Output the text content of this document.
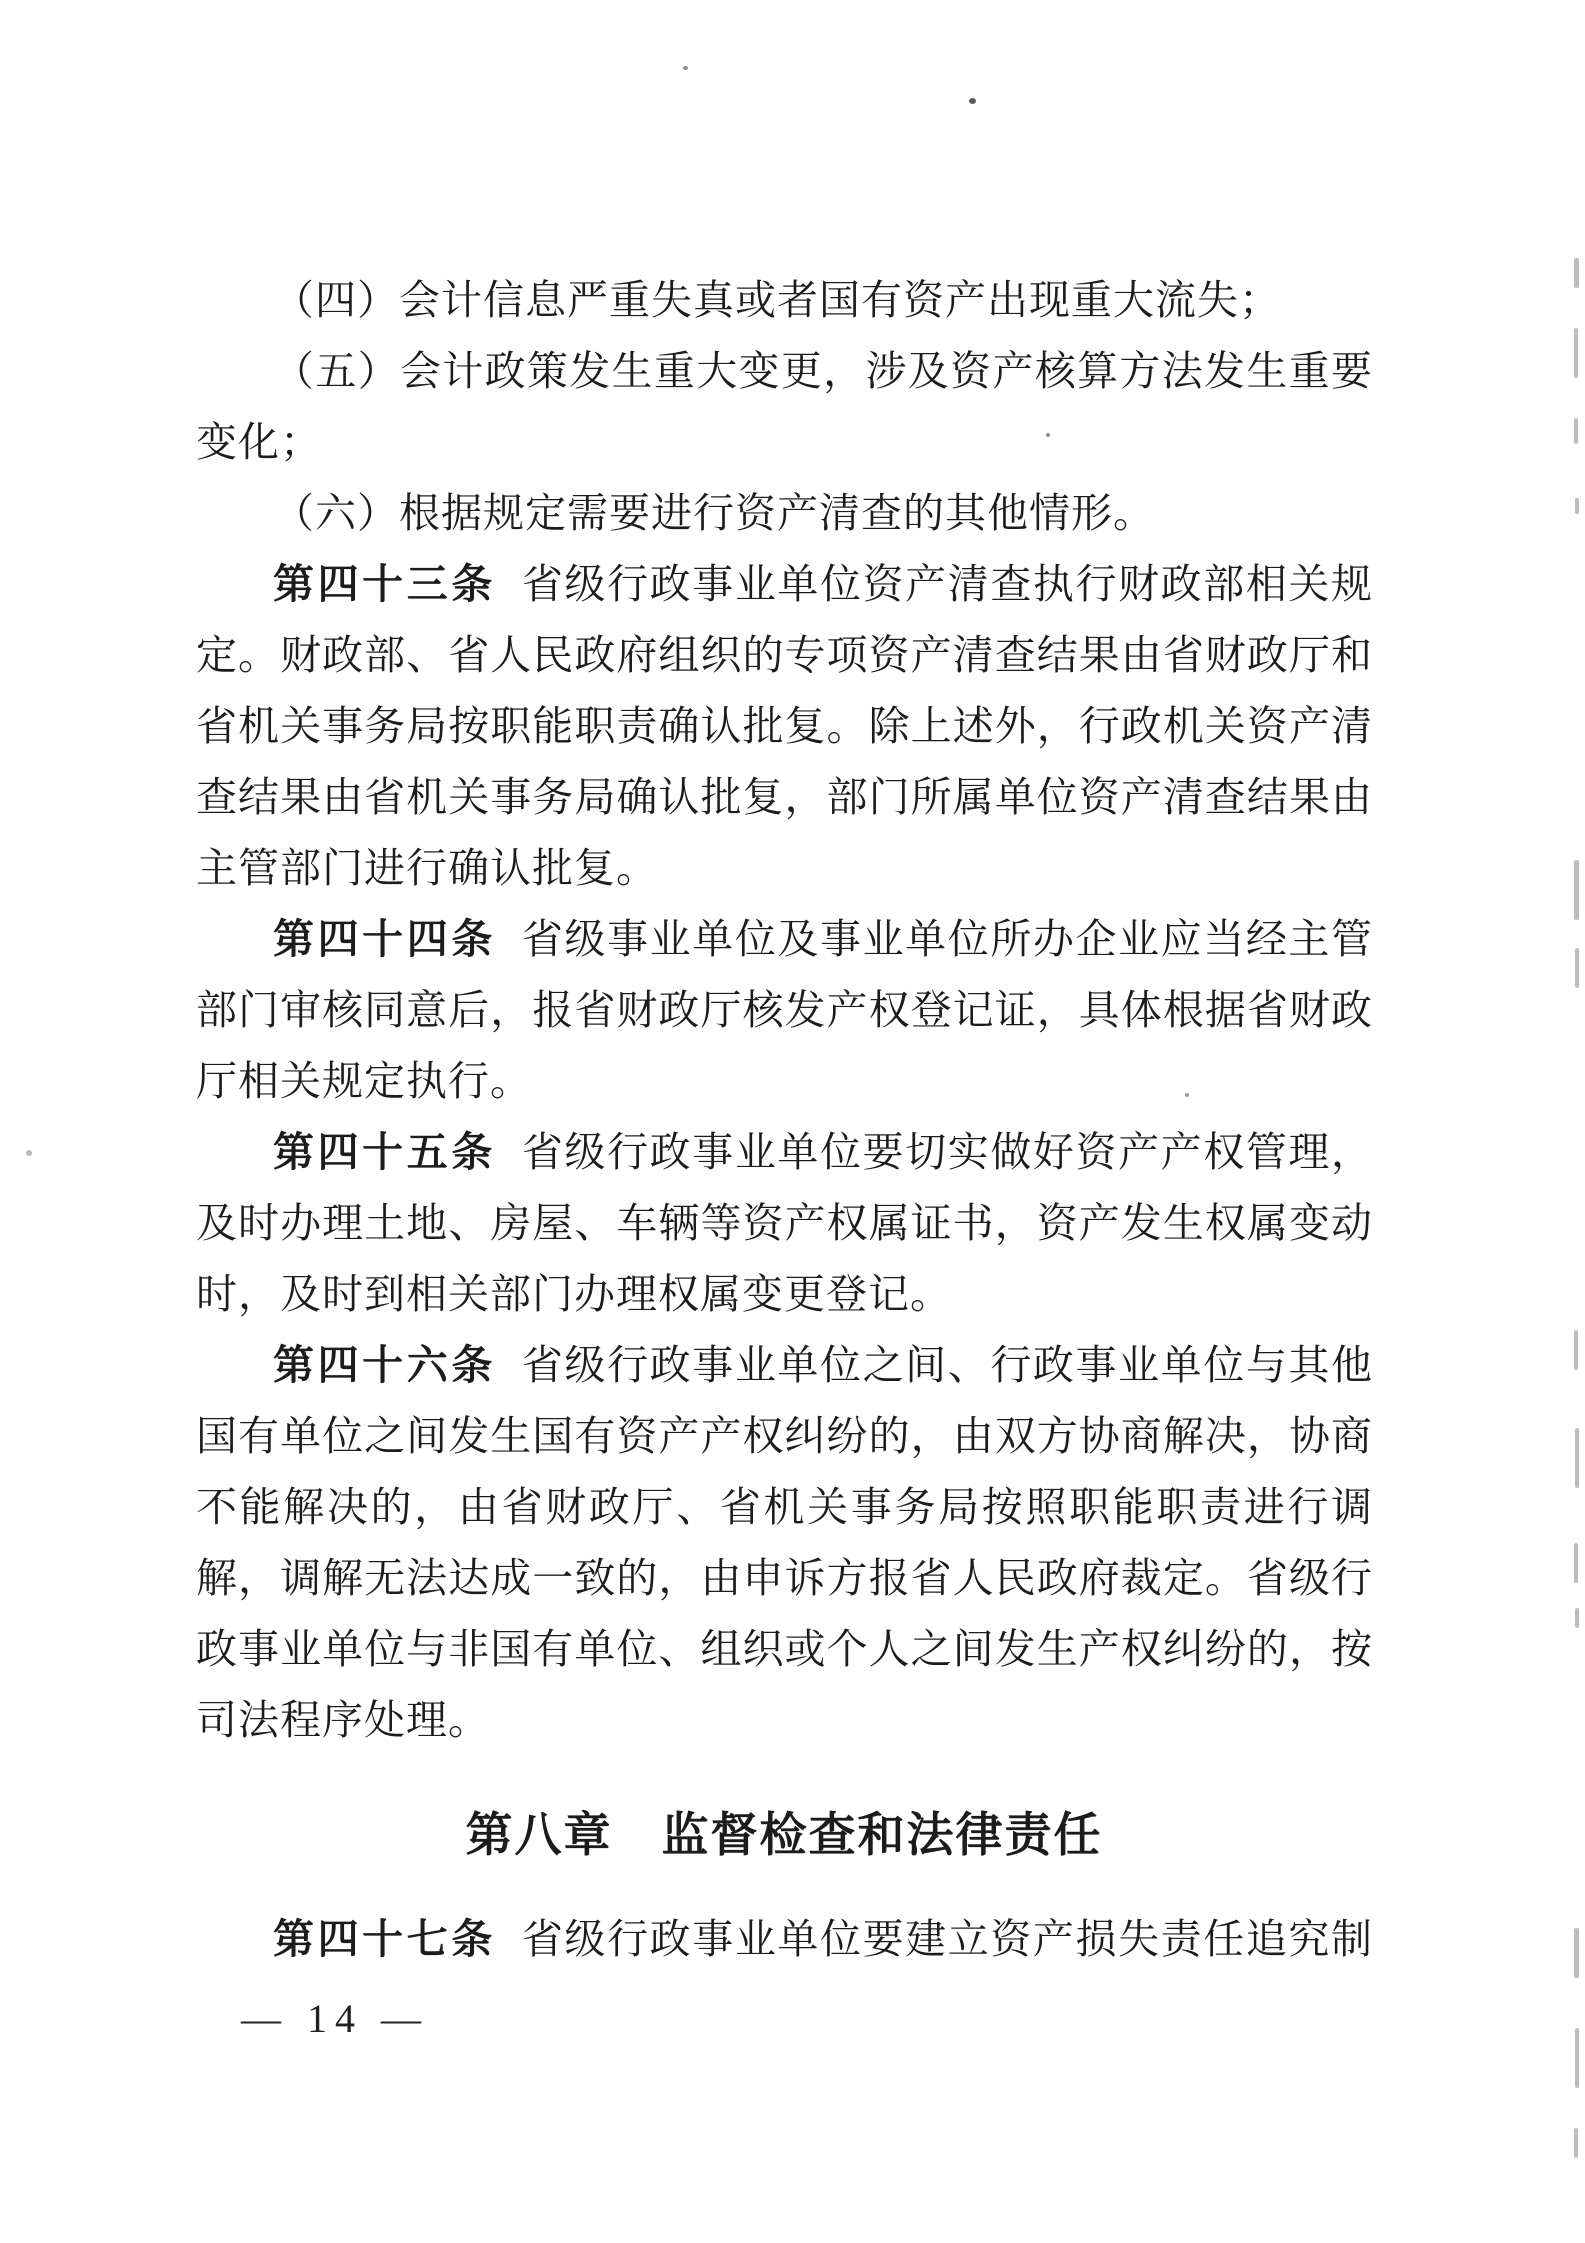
（四）会计信息严重失真或者国有资产出现重大流失；
（五）会计政策发生重大变更，涉及资产核算方法发生重要
变化；
（六）根据规定需要进行资产清查的其他情形。
第四十三条 省级行政事业单位资产清查执行财政部相关规
定。财政部、省人民政府组织的专项资产清查结果由省财政厅和
省机关事务局按职能职责确认批复。除上述外，行政机关资产清
查结果由省机关事务局确认批复，部门所属单位资产清查结果由
主管部门进行确认批复。
第四十四条 省级事业单位及事业单位所办企业应当经主管
部门审核同意后，报省财政厅核发产权登记证，具体根据省财政
厅相关规定执行。
第四十五条 省级行政事业单位要切实做好资产产权管理，
及时办理土地、房屋、车辆等资产权属证书，资产发生权属变动
时，及时到相关部门办理权属变更登记。
第四十六条 省级行政事业单位之间、行政事业单位与其他
国有单位之间发生国有资产产权纠纷的，由双方协商解决，协商
不能解决的，由省财政厅、省机关事务局按照职能职责进行调
解，调解无法达成一致的，由申诉方报省人民政府裁定。省级行
政事业单位与非国有单位、组织或个人之间发生产权纠纷的，按
司法程序处理。
第八章　监督检查和法律责任
第四十七条 省级行政事业单位要建立资产损失责任追究制
— 14 —
